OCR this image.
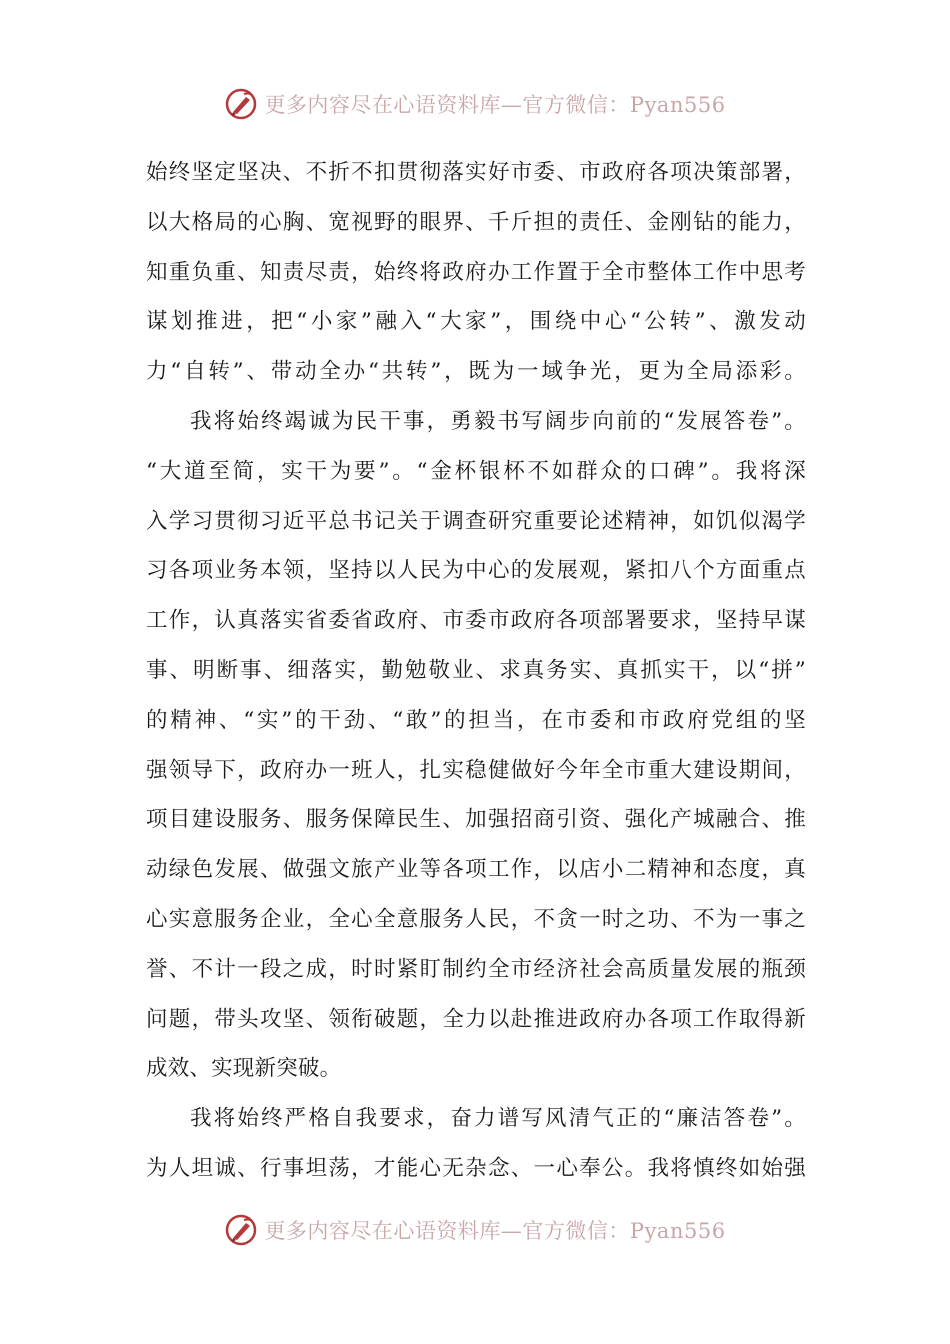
更多内容尽在心语资料库—官方微信：Pyan556
始终坚定坚决、不折不扣贯彻落实好市委、市政府各项决策部署，
以大格局的心胸、宽视野的眼界、千斤担的责任、金刚钻的能力，
知重负重、知责尽责，始终将政府办工作置于全市整体工作中思考
谋划推进，把“小家”融入“大家”，围绕中心“公转”、激发动
力“自转”、带动全办“共转”，既为一域争光，更为全局添彩。
我将始终竭诚为民干事，勇毅书写阔步向前的“发展答卷”。
“大道至简，实干为要”。“金杯银杯不如群众的口碑”。我将深
入学习贯彻习近平总书记关于调查研究重要论述精神，如饥似渴学
习各项业务本领，坚持以人民为中心的发展观，紧扣八个方面重点
工作，认真落实省委省政府、市委市政府各项部署要求，坚持早谋
事、明断事、细落实，勤勉敬业、求真务实、真抓实干，以“拼”
的精神、“实”的干劲、“敢”的担当，在市委和市政府党组的坚
强领导下，政府办一班人，扎实稳健做好今年全市重大建设期间，
项目建设服务、服务保障民生、加强招商引资、强化产城融合、推
动绿色发展、做强文旅产业等各项工作，以店小二精神和态度，真
心实意服务企业，全心全意服务人民，不贪一时之功、不为一事之
誉、不计一段之成，时时紧盯制约全市经济社会高质量发展的瓶颈
问题，带头攻坚、领衔破题，全力以赴推进政府办各项工作取得新
成效、实现新突破。
我将始终严格自我要求，奋力谱写风清气正的“廉洁答卷”。
为人坦诚、行事坦荡，才能心无杂念、一心奉公。我将慎终如始强
更多内容尽在心语资料库—官方微信：Pyan556
